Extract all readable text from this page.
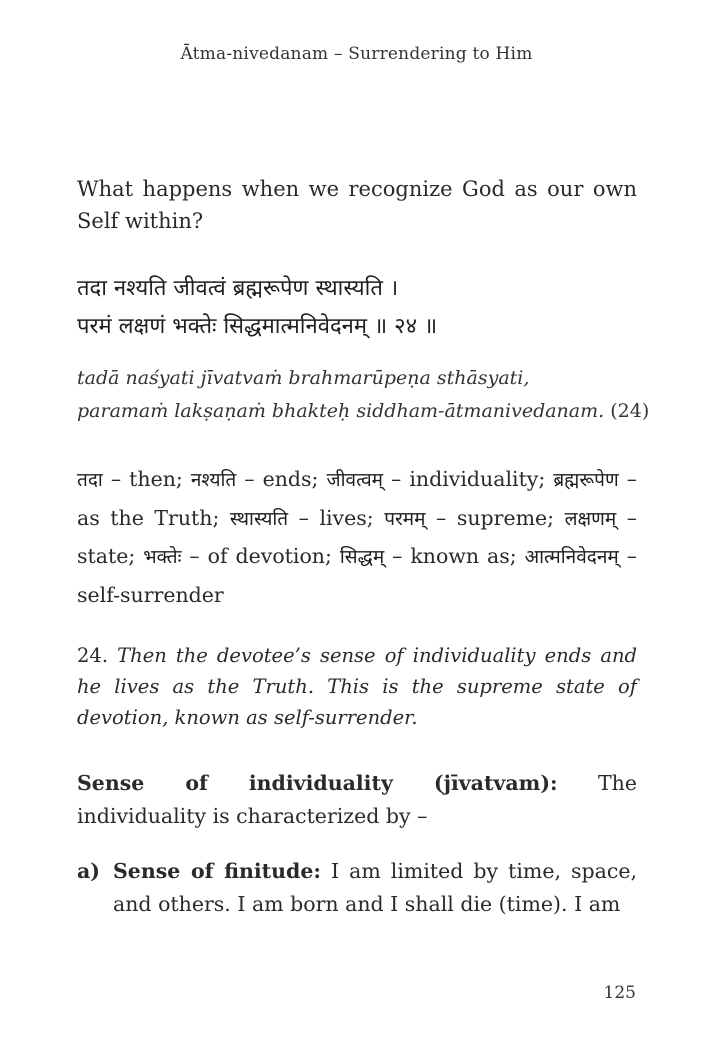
Ātma-nivedanam – Surrendering to Him
What happens when we recognize God as our own Self within?
तदा नश्यति जीवत्वं ब्रह्मरूपेण स्थास्यति ।
परमं लक्षणं भक्तेः सिद्धमात्मनिवेदनम् ॥ २४ ॥
tadā naśyati jīvatvaṁ brahmarūpeṇa sthāsyati,
paramaṁ lakṣaṇaṁ bhakteḥ siddham-ātmanivedanam. (24)
तदा – then; नश्यति – ends; जीवत्वम् – individuality; ब्रह्मरूपेण – as the Truth; स्थास्यति – lives; परमम् – supreme; लक्षणम् – state; भक्तेः – of devotion; सिद्धम् – known as; आत्मनिवेदनम् – self-surrender
24. Then the devotee’s sense of individuality ends and he lives as the Truth. This is the supreme state of devotion, known as self-surrender.
Sense of individuality (jīvatvam): The individuality is characterized by –
a) Sense of finitude: I am limited by time, space, and others. I am born and I shall die (time). I am
125
